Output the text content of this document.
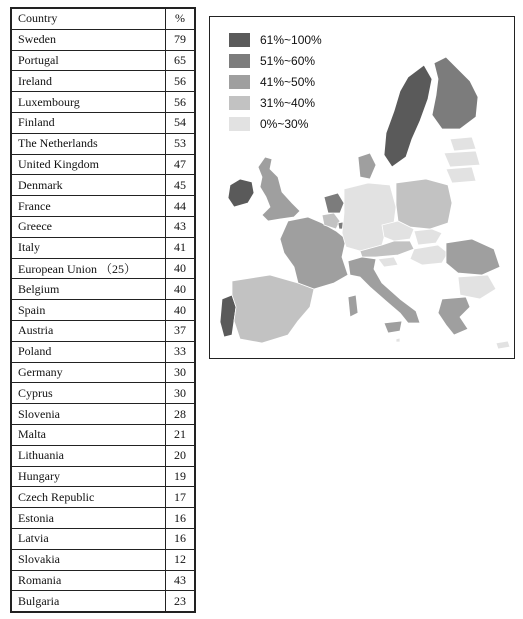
Country	%
Sweden	79
Portugal	65
Ireland	56
Luxembourg	56
Finland	54
The Netherlands	53
United Kingdom	47
Denmark	45
France	44
Greece	43
Italy	41
European Union （25）	40
Belgium	40
Spain	40
Austria	37
Poland	33
Germany	30
Cyprus	30
Slovenia	28
Malta	21
Lithuania	20
Hungary	19
Czech Republic	17
Estonia	16
Latvia	16
Slovakia	12
Romania	43
Bulgaria	23
61%~100%
51%~60%
41%~50%
31%~40%
0%~30%
